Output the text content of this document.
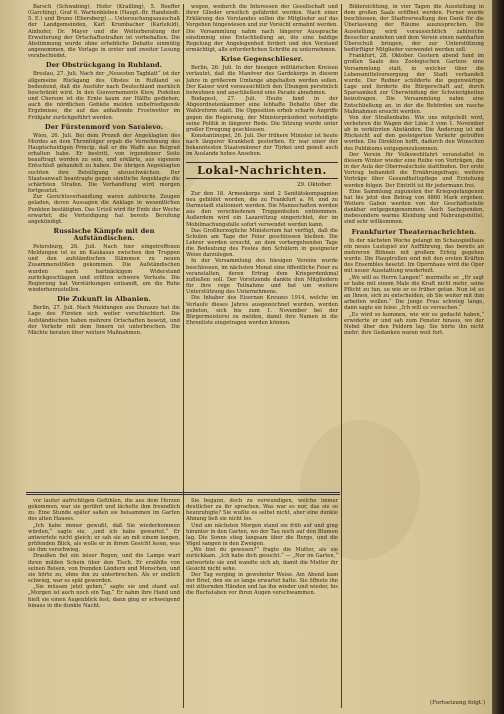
Barsch (Schwabing), Hofer (Krailling), 5. Boeffer (Garching), Graf 6. Wartenbleben (Haupt.-Br. Handsiedt: 5. E.) und Bruno (Ebersberg) ... Untersuchungsausschuß der Landgemeinden, Karl Krumbacher (Karlsfeld), Ainhofer, Dr. Mayer und die Weiterberatung der Erweiterung der Ortschaftsstraßen ist vorbehalten. Die Abstimmung wurde ohne erhebliche Debatte einmütig angenommen, die Vorlage in erster und zweiter Lesung verabschiedet.

Der Obstrückgang in Ruhland.

Breslau, 27. Juli. Nach der „Neuesten Tagblatt“ ist der allgemeine Rückgang des Obstes in Rußland so bedeutend, daß die Ausfuhr nach Deutschland merklich beschränkt wird. In den Gouvernements Kiew, Podolien und Cherson ist die Ernte kaum zur Hälfte gediehen; auch die nördlichen Gebiete melden unbefriedigende Ergebnisse, die auf das anhaltende Frostwetter im Frühjahr zurückgeführt werden.

Der Fürstenmord von Saraievo.

Wien, 26. Juli. Bei dem Prozeß der Angeklagten des Mordes an dem Thronfolger ergab die Vernehmung des Hauptschuldigen Princip, daß er die Waffe aus Belgrad erhalten habe. Er bestritt, von irgendeiner Seite beauftragt worden zu sein, und erklärte, aus eigenem Entschluß gehandelt zu haben. Die übrigen Angeklagten suchten ihre Beteiligung abzuschwächen. Der Staatsanwalt beantragte gegen sämtliche Angeklagte die schärfsten Strafen. Die Verhandlung wird morgen fortgesetzt.

Zur Gerichtsverhandlung waren zahlreiche Zeugen geladen, deren Aussagen die Anklage in wesentlichen Punkten bestätigten. Das Urteil wird für Ende der Woche erwartet; die Verteidigung hat bereits Berufung angekündigt.

Russische Kämpfe mit den Aufständischen.

Petersburg, 26. Juli. Nach hier eingetroffenen Meldungen ist es im Kaukasus zwischen den Truppen und den aufständischen Stämmen zu neuen Zusammenstößen gekommen. Die Aufständischen wurden nach hartnäckigem Widerstand zurückgeschlagen und erlitten schwere Verluste. Die Regierung hat Verstärkungen entsandt, um die Ruhe wiederherzustellen.

Die Zukunft in Albanien.

Berlin, 27. Juli. Nach Meldungen aus Durazzo hat die Lage des Fürsten sich weiter verschlechtert. Die Aufständischen haben mehrere Ortschaften besetzt, und der Verkehr mit dem Innern ist unterbrochen. Die Mächte beraten über weitere Maßnahmen.

wegen, wodurch die Interessen der Gesellschaft und ihrer Glieder ernstlich gefährdet werden. Nach einer Erklärung des Vorstandes sollen die Mitglieder auf das Vorgehen hingewiesen und zur Vorsicht ermahnt werden. Die Versammlung nahm nach längerer Aussprache einstimmig eine Entschließung an, die eine baldige Regelung der Angelegenheit fordert und den Vorstand ermächtigt, alle erforderlichen Schritte zu unternehmen.

Krise Gegenschlieser.

Berlin, 26. Juli. In der hiesigen militärischen Kreisen verlautet, daß die Manöver des Gardekorps in diesem Jahre in größerem Umfange abgehalten werden sollen. Der Kaiser wird voraussichtlich den Übungen persönlich beiwohnen und anschließend eine Parade abnehmen.

Budapest, 27. Juli. Heute fand in der Abgeordnetenkammer eine lebhafte Debatte über die Wahlreform statt. Die Opposition erhob scharfe Angriffe gegen die Regierung, der Ministerpräsident verteidigte seine Politik in längerer Rede. Die Sitzung wurde unter großer Erregung geschlossen.

Konstantinopel, 26. Juli. Der frühere Minister ist heute nach längerer Krankheit gestorben. Er war einer der bekanntesten Staatsmänner der Türkei und genoß auch im Auslande hohes Ansehen.

Lokal-Nachrichten.
29. Oktober.

Zur den 18. Armeekorps sind 2 Sanitätskompagnien neu gebildet worden, die zu Frankfurt a. M. und zu Darmstadt stationiert werden. Die Mannschaften werden aus den verschiedenen Truppenteilen entnommen. Außerdem wird ein Lazarettzug eingerichtet, der im Mobilmachungsfalle sofort verwendet werden kann.

Das Großherzogliche Ministerium hat verfügt, daß die Schulen am Tage der Feier geschlossen bleiben. Die Lehrer werden ersucht, an dem vorhergehenden Tage die Bedeutung des Festes den Schülern in geeigneter Weise darzulegen.

In der Versammlung des hiesigen Vereins wurde beschlossen, im nächsten Monat eine öffentliche Feier zu veranstalten, deren Ertrag dem Kriegerdenkmal zufließen soll. Der Vorsitzende dankte den Mitgliedern für ihre rege Teilnahme und bat um weitere Unterstützung des Unternehmens.

Die Inhaber des Eisernen Kreuzes 1914, welche im Verlaufe dieses Jahres ausgezeichnet wurden, werden gebeten, sich bis zum 1. November bei der Bürgermeisterei zu melden, damit ihre Namen in die Ehrenliste eingetragen werden können.

Bildersichtung, in vier Tagen die Ausstellung in dem großen Saale eröffnet werden. Ferner wurde beschlossen, der Stadtverwaltung den Dank für die Überlassung der Räume auszusprechen. Die Ausstellung wird voraussichtlich zahlreiche Besucher anziehen und dem Verein einen namhaften Überschuß bringen, der zur Unterstützung bedürftiger Mitglieder verwendet werden soll.

Frankfurt, 28. Oktober. Gestern abend fand im großen Saale des Zoologischen Gartens eine Versammlung statt, in welcher über die Lebensmittelversorgung der Stadt verhandelt wurde. Der Redner schilderte die gegenwärtige Lage und forderte die Bürgerschaft auf, durch Sparsamkeit zur Überwindung der Schwierigkeiten beizutragen. Die Versammlung nahm eine Entschließung an, in der die Behörden um rasche Maßnahmen ersucht werden.

Von der Straßenbahn. Wie uns mitgeteilt wird, verkehren die Wagen der Linie 3 vom 1. November ab in verkürzten Abständen. Die Änderung ist mit Rücksicht auf den gesteigerten Verkehr getroffen worden. Die Direktion hofft, dadurch den Wünschen des Publikums entgegenzukommen.

Der Verein für Volkswohlfahrt veranstaltet in diesem Winter wieder eine Reihe von Vorträgen, die in der Aula der Oberrealschule stattfinden. Der erste Vortrag behandelt die Ernährungsfrage; weitere Vorträge über Gesundheitspflege und Erziehung werden folgen. Der Eintritt ist für jedermann frei.

Eine Sammlung zugunsten der Kriegsgefangenen hat bis jetzt den Betrag von 4860 Mark ergeben. Weitere Gaben werden von der Geschäftsstelle dankbar entgegengenommen. Auch Sachspenden, insbesondere warme Kleidung und Nahrungsmittel, sind sehr willkommen.

Frankfurter Theaternachrichten.

In der nächsten Woche gelangt im Schauspielhaus ein neues Lustspiel zur Aufführung, das bereits an mehreren Bühnen mit großem Erfolg gegeben wurde. Die Hauptrollen sind mit den ersten Kräften des Ensembles besetzt. Im Opernhaus wird die Oper mit neuer Ausstattung wiederholt.

„Wo will es Herrn Langen!“ murmelte er. „Er sagt er habe mit einem Male die Kraft nicht mehr, seine Pflicht zu tun, so wie er es früher getan. Nun ist es an Ihnen, sich zu entscheiden, ob Sie weiter mit ihm arbeiten wollen.“ Die junge Frau schwieg lange, dann sagte sie leise: „Ich will es versuchen.“

„Es wird so kommen, wie wir es gedacht haben,“ erwiderte er und sah zum Fenster hinaus, wo der Nebel über den Feldern lag. Sie hörte ihn nicht mehr; ihre Gedanken waren weit fort.

vor lauter aufrichtigen Gefühlen, die aus dem Herzen gekommen, war sie gerührt und lächelte ihm freundlich zu. Eine Stunde später saßen sie beisammen im Garten des alten Hauses.

„Ich habe immer gewußt, daß Sie wiederkommen würden,“ sagte sie, „und ich habe gewartet.“ Er antwortete nicht gleich; er sah sie an mit einem langen, prüfenden Blick, als wolle er in ihrem Gesicht lesen, was sie ihm verschwieg.

Draußen fiel ein leiser Regen, und die Lampe warf ihren milden Schein über den Tisch. Er erzählte von seinen Reisen, von fremden Ländern und Menschen, und sie hörte zu, ohne ihn zu unterbrechen. Als er endlich schwieg, war es spät geworden.

„Sie müssen jetzt gehen,“ sagte sie und stand auf. „Morgen ist auch noch ein Tag.“ Er nahm ihre Hand und hielt sie einen Augenblick fest; dann ging er schweigend hinaus in die dunkle Nacht.

Sie begann, doch zu verwundigen, welche immer deutlicher zu ihr sprachen. Was war es nur, das sie so beunruhigte? Sie wußte es selbst nicht, aber eine dunkle Ahnung ließ sie nicht los.

Und am nächsten Morgen stand sie früh auf und ging hinunter in den Garten, wo der Tau noch auf den Blumen lag. Die Sonne stieg langsam über die Berge, und die Vögel sangen in den Zweigen.

„Wo bist du gewesen?“ fragte die Mutter, als sie zurückkam. „Ich habe dich gesucht.“ — „Nur im Garten,“ antwortete sie und wandte sich ab, damit die Mutter ihr Gesicht nicht sehe.

Der Tag verging in gewohnter Weise. Am Abend kam der Brief, den sie so lange erwartet hatte. Sie öffnete ihn mit zitternden Händen und las ihn wieder und wieder, bis die Buchstaben vor ihren Augen verschwammen.

(Fortsetzung folgt.)
